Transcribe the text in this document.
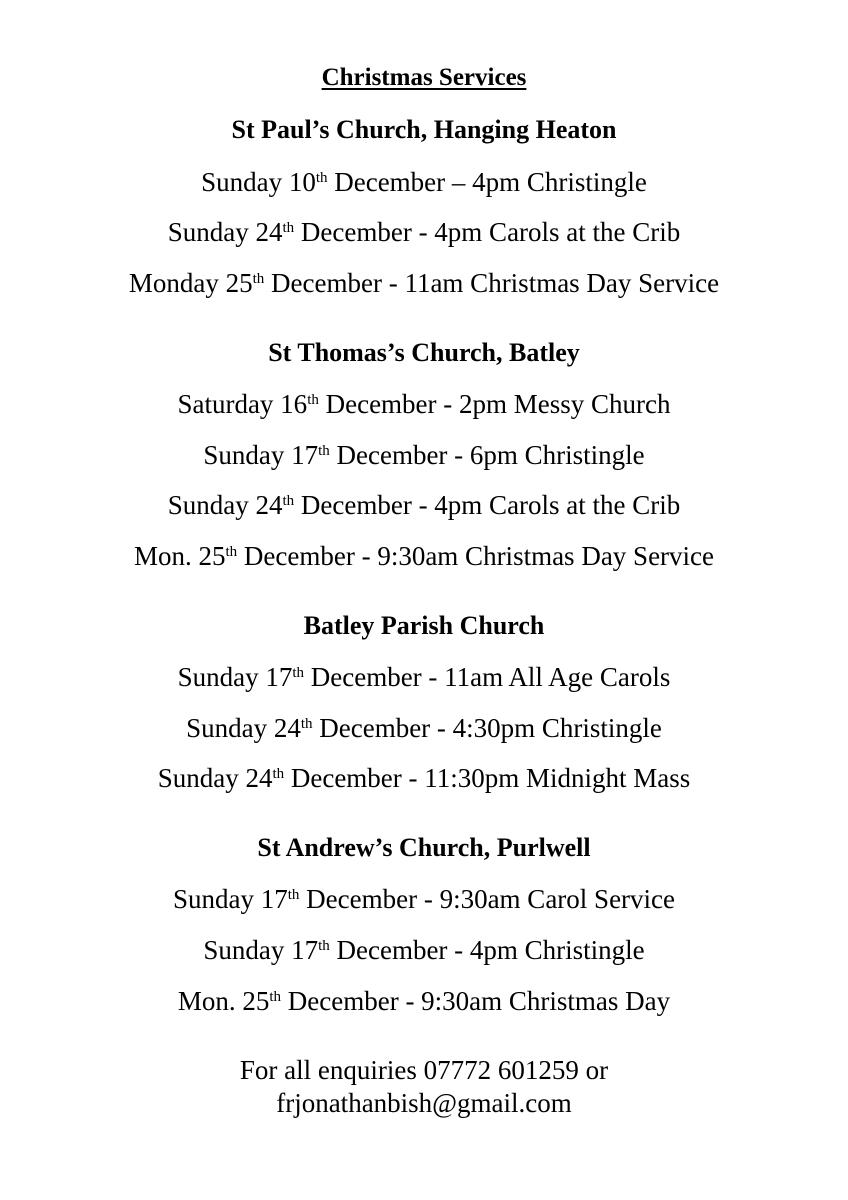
Christmas Services
St Paul’s Church, Hanging Heaton
Sunday 10th December – 4pm Christingle
Sunday 24th December - 4pm Carols at the Crib
Monday 25th December - 11am Christmas Day Service
St Thomas’s Church, Batley
Saturday 16th December - 2pm Messy Church
Sunday 17th December - 6pm Christingle
Sunday 24th December - 4pm Carols at the Crib
Mon. 25th December - 9:30am Christmas Day Service
Batley Parish Church
Sunday 17th December - 11am All Age Carols
Sunday 24th December - 4:30pm Christingle
Sunday 24th December - 11:30pm Midnight Mass
St Andrew’s Church, Purlwell
Sunday 17th December - 9:30am Carol Service
Sunday 17th December - 4pm Christingle
Mon. 25th December - 9:30am Christmas Day
For all enquiries 07772 601259 or
frjonathanbish@gmail.com
